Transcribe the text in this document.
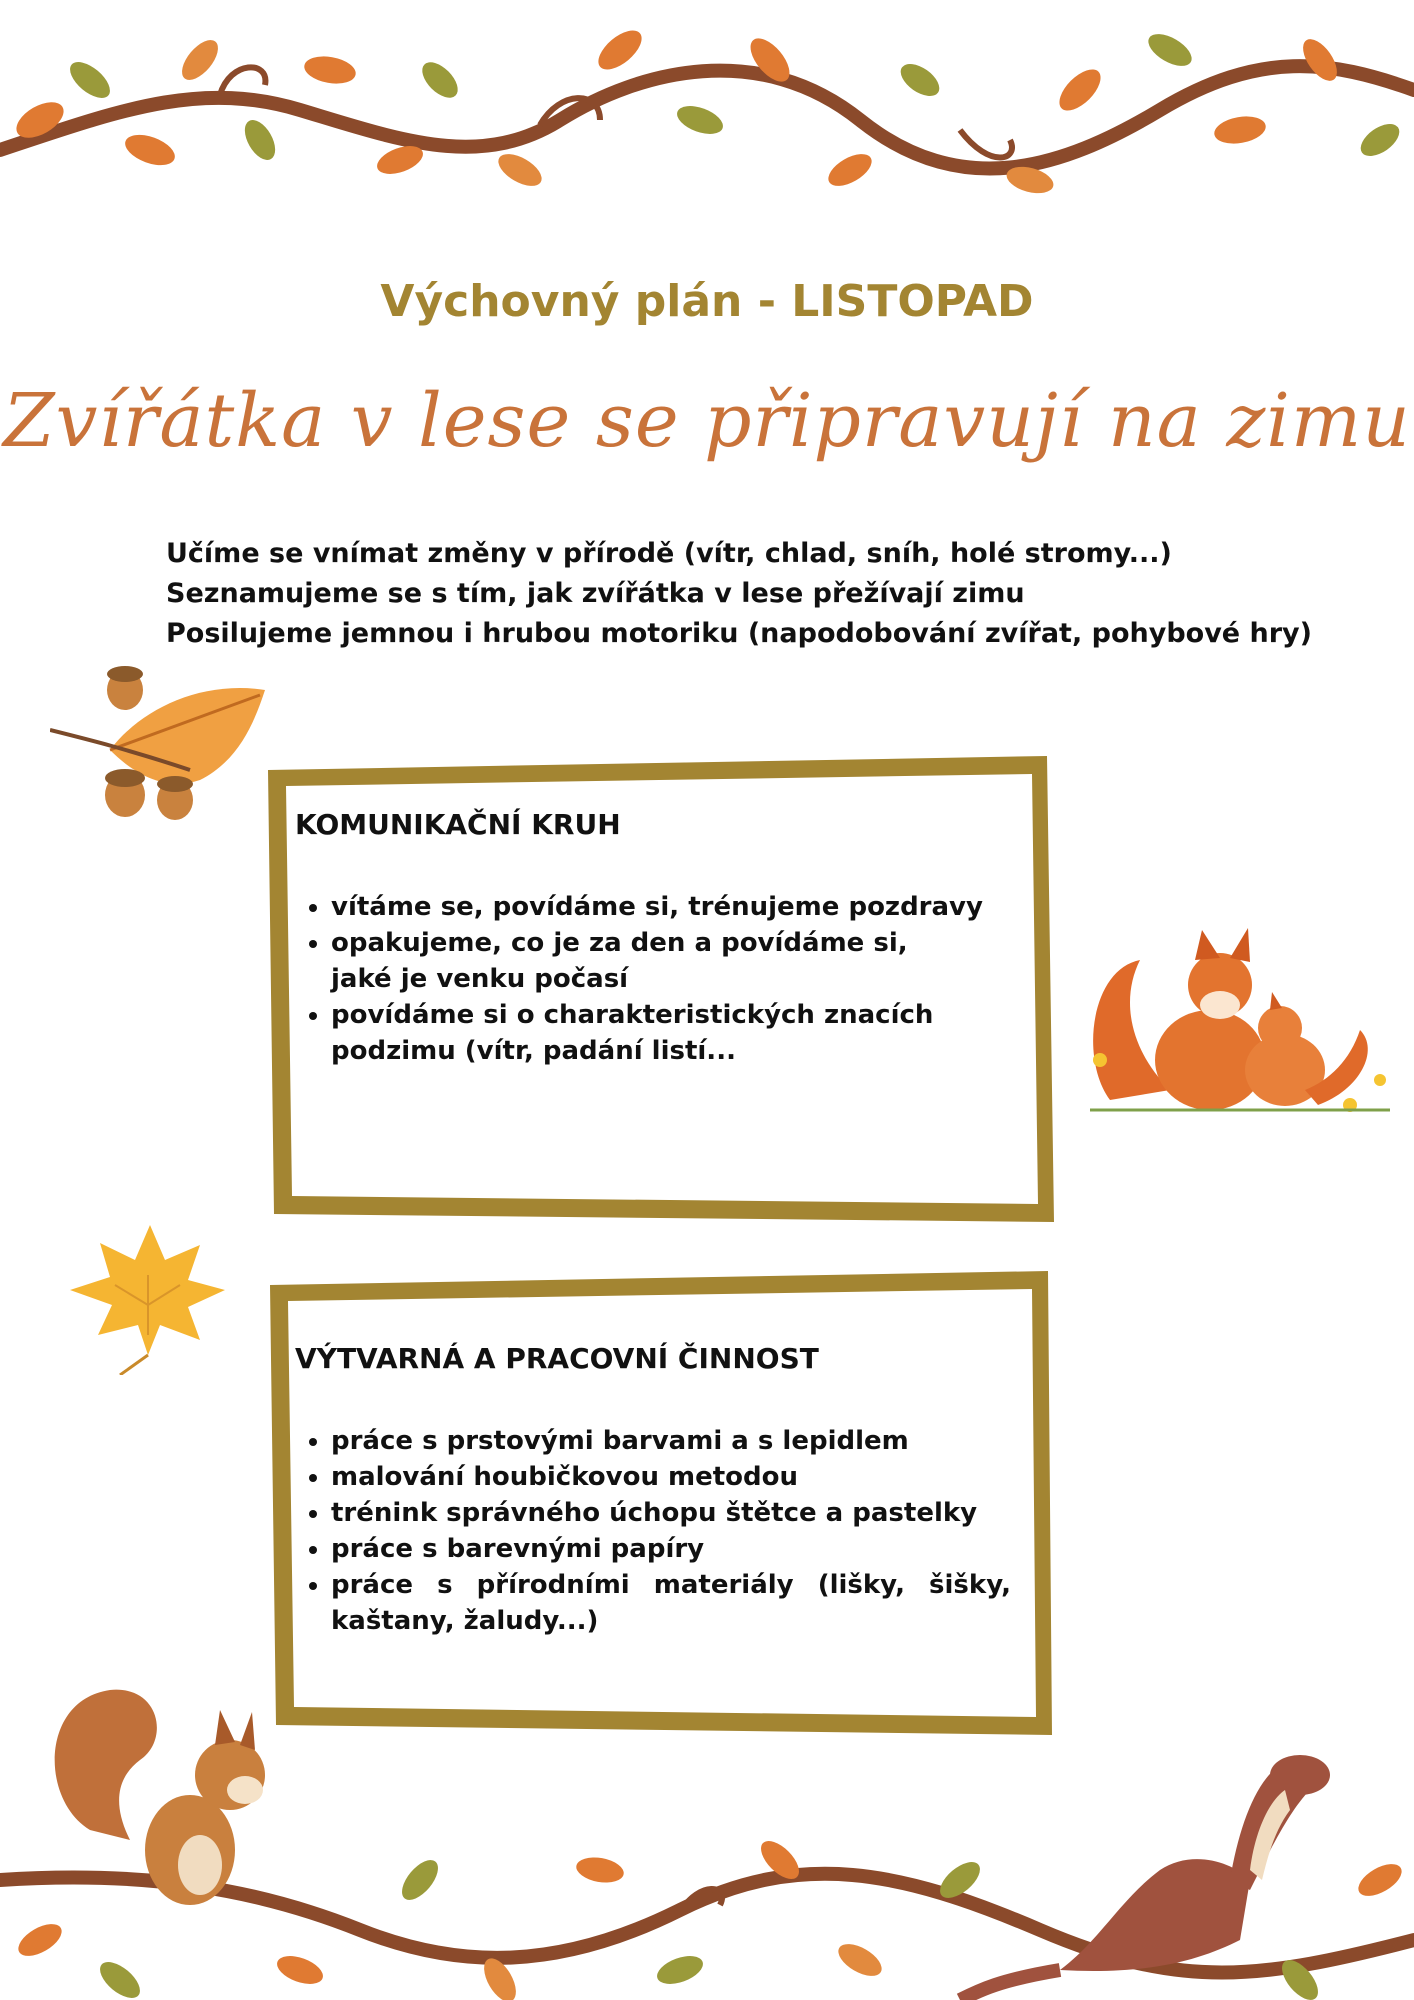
Výchovný plán - LISTOPAD
Zvířátka v lese se připravují na zimu
Učíme se vnímat změny v přírodě (vítr, chlad, sníh, holé stromy...)
Seznamujeme se s tím, jak zvířátka v lese přežívají zimu
Posilujeme jemnou i hrubou motoriku (napodobování zvířat, pohybové hry)
KOMUNIKAČNÍ KRUH
• vítáme se, povídáme si, trénujeme pozdravy
• opakujeme, co je za den a povídáme si, jaké je venku počasí
• povídáme si o charakteristických znacích podzimu (vítr, padání listí...
VÝTVARNÁ A PRACOVNÍ ČINNOST
• práce s prstovými barvami a s lepidlem
• malování houbičkovou metodou
• trénink správného úchopu štětce a pastelky
• práce s barevnými papíry
• práce s přírodními materiály (lišky, šišky, kaštany, žaludy...)
